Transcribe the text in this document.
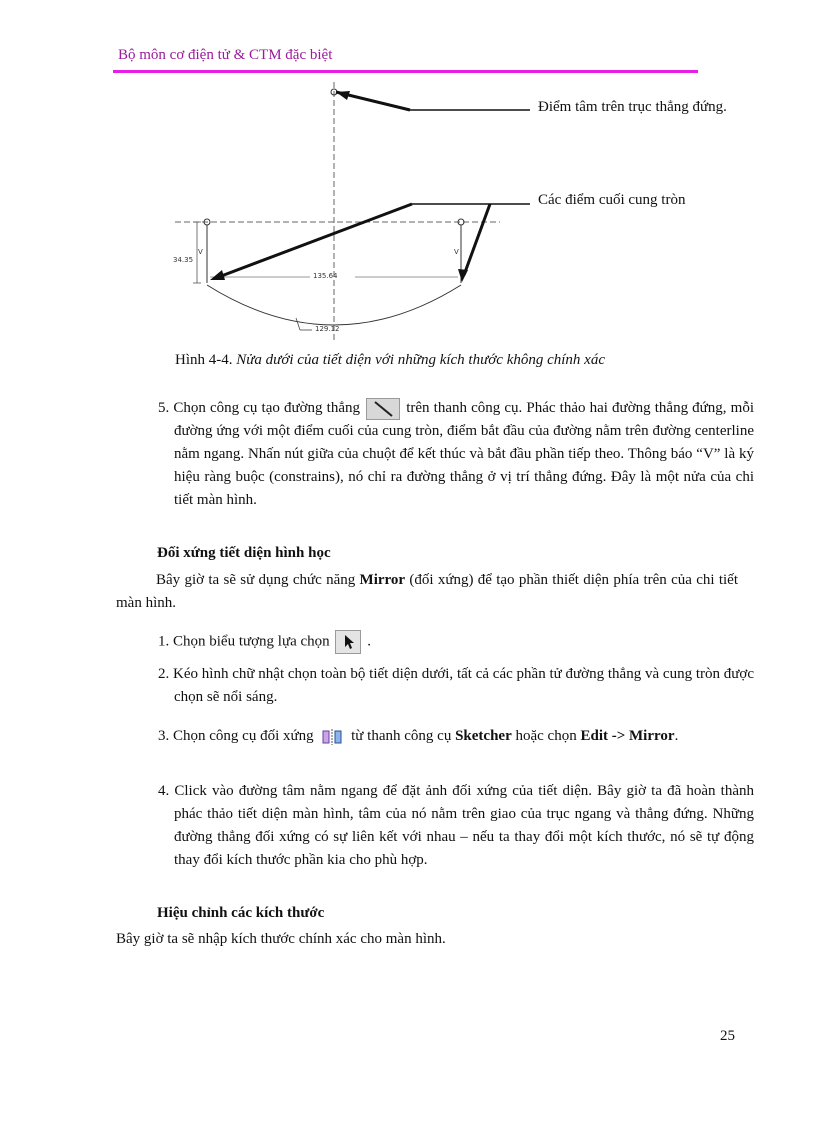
Bộ môn cơ điện tử & CTM đặc biệt
Điểm tâm trên trục thẳng đứng.
Các điểm cuối cung tròn
34.35
V	V
135.64
129.12
Hình 4-4. Nửa dưới của tiết diện với những kích thước không chính xác
5. Chọn công cụ tạo đường thẳng	trên thanh công cụ. Phác thảo hai đường thẳng đứng, mỗi đường ứng với một điểm cuối của cung tròn, điểm bắt đầu của đường nằm trên đường centerline nằm ngang. Nhấn nút giữa của chuột để kết thúc và bắt đầu phần tiếp theo. Thông báo “V” là ký hiệu ràng buộc (constrains), nó chỉ ra đường thẳng ở vị trí thẳng đứng. Đây là một nửa của chi tiết màn hình.
Đối xứng tiết diện hình học
Bây giờ ta sẽ sử dụng chức năng Mirror (đối xứng) để tạo phần thiết diện phía trên của chi tiết màn hình.
1. Chọn biểu tượng lựa chọn	.
2. Kéo hình chữ nhật chọn toàn bộ tiết diện dưới, tất cả các phần tử đường thẳng và cung tròn được chọn sẽ nổi sáng.
3. Chọn công cụ đối xứng	từ thanh công cụ Sketcher hoặc chọn Edit -> Mirror.
4. Click vào đường tâm nằm ngang để đặt ảnh đối xứng của tiết diện. Bây giờ ta đã hoàn thành phác thảo tiết diện màn hình, tâm của nó nằm trên giao của trục ngang và thẳng đứng. Những đường thẳng đối xứng có sự liên kết với nhau – nếu ta thay đổi một kích thước, nó sẽ tự động thay đổi kích thước phần kia cho phù hợp.
Hiệu chỉnh các kích thước
Bây giờ ta sẽ nhập kích thước chính xác cho màn hình.
25
